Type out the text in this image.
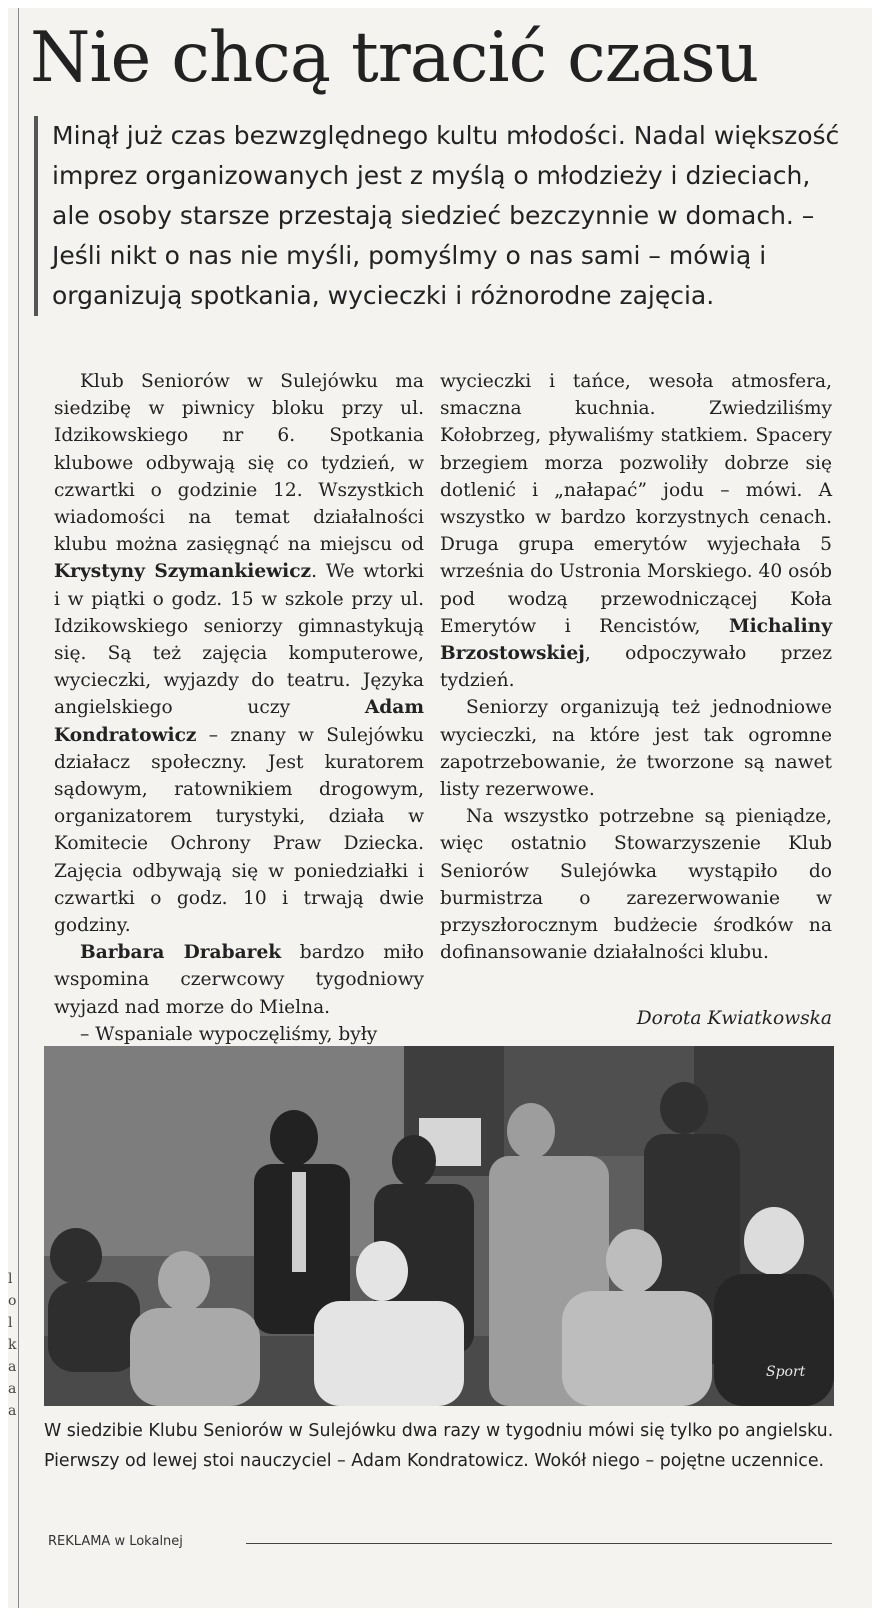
l
o
l
k
a
a
a
Nie chcą tracić czasu

Minął już czas bezwzględnego kultu młodości. Nadal większość imprez organizowanych jest z myślą o młodzieży i dzieciach, ale osoby starsze przestają siedzieć bezczynnie w domach. – Jeśli nikt o nas nie myśli, pomyślmy o nas sami – mówią i organizują spotkania, wycieczki i różnorodne zajęcia.

Klub Seniorów w Sulejówku ma siedzibę w piwnicy bloku przy ul. Idzikowskiego nr 6. Spotkania klubowe odbywają się co tydzień, w czwartki o godzinie 12. Wszystkich wiadomości na temat działalności klubu można zasięgnąć na miejscu od Krystyny Szymankiewicz. We wtorki i w piątki o godz. 15 w szkole przy ul. Idzikowskiego seniorzy gimnastykują się. Są też zajęcia komputerowe, wycieczki, wyjazdy do teatru. Języka angielskiego uczy Adam Kondratowicz – znany w Sulejówku działacz społeczny. Jest kuratorem sądowym, ratownikiem drogowym, organizatorem turystyki, działa w Komitecie Ochrony Praw Dziecka. Zajęcia odbywają się w poniedziałki i czwartki o godz. 10 i trwają dwie godziny.

Barbara Drabarek bardzo miło wspomina czerwcowy tygodniowy wyjazd nad morze do Mielna.

– Wspaniale wypoczęliśmy, były

wycieczki i tańce, wesoła atmosfera, smaczna kuchnia. Zwiedziliśmy Kołobrzeg, pływaliśmy statkiem. Spacery brzegiem morza pozwoliły dobrze się dotlenić i „nałapać” jodu – mówi. A wszystko w bardzo korzystnych cenach. Druga grupa emerytów wyjechała 5 września do Ustronia Morskiego. 40 osób pod wodzą przewodniczącej Koła Emerytów i Rencistów, Michaliny Brzostowskiej, odpoczywało przez tydzień.

Seniorzy organizują też jednodniowe wycieczki, na które jest tak ogromne zapotrzebowanie, że tworzone są nawet listy rezerwowe.

Na wszystko potrzebne są pieniądze, więc ostatnio Stowarzyszenie Klub Seniorów Sulejówka wystąpiło do burmistrza o zarezerwowanie w przyszłorocznym budżecie środków na dofinansowanie działalności klubu.

Dorota Kwiatkowska
Sport

W siedzibie Klubu Seniorów w Sulejówku dwa razy w tygodniu mówi się tylko po angielsku. Pierwszy od lewej stoi nauczyciel – Adam Kondratowicz. Wokół niego – pojętne uczennice.

REKLAMA w Lokalnej
